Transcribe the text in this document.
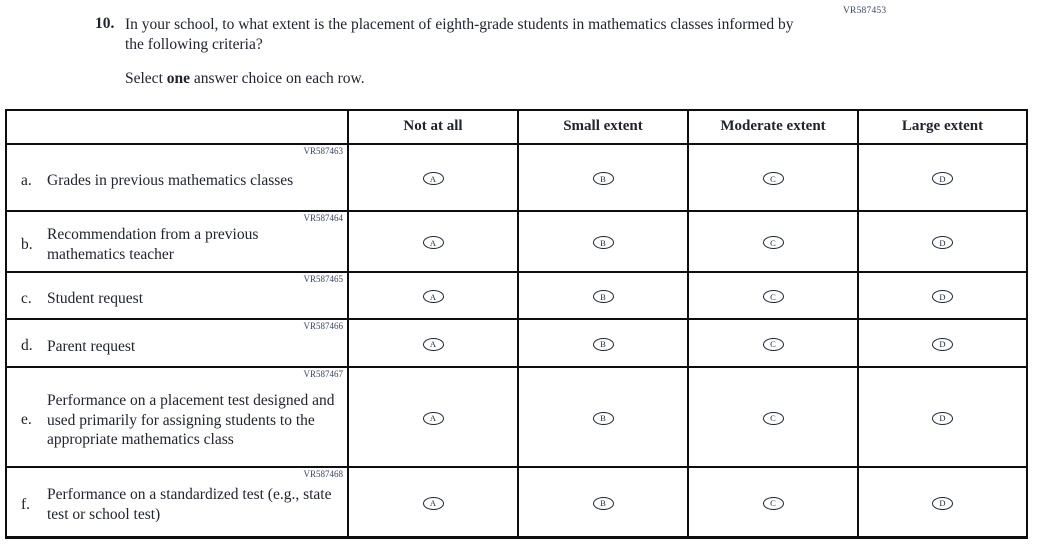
VR587453
10. In your school, to what extent is the placement of eighth-grade students in mathematics classes informed by the following criteria?
Select one answer choice on each row.
	Not at all	Small extent	Moderate extent	Large extent

VR587463
a. Grades in previous mathematics classes	A	B	C	D

VR587464
b.
Recommendation from a previous mathematics teacher	A	B	C	D

VR587465
c. Student request	A	B	C	D

VR587466
d. Parent request	A	B	C	D

VR587467
e.
Performance on a placement test designed and used primarily for assigning students to the appropriate mathematics class	A	B	C	D

VR587468
f.
Performance on a standardized test (e.g., state test or school test)	A	B	C	D
